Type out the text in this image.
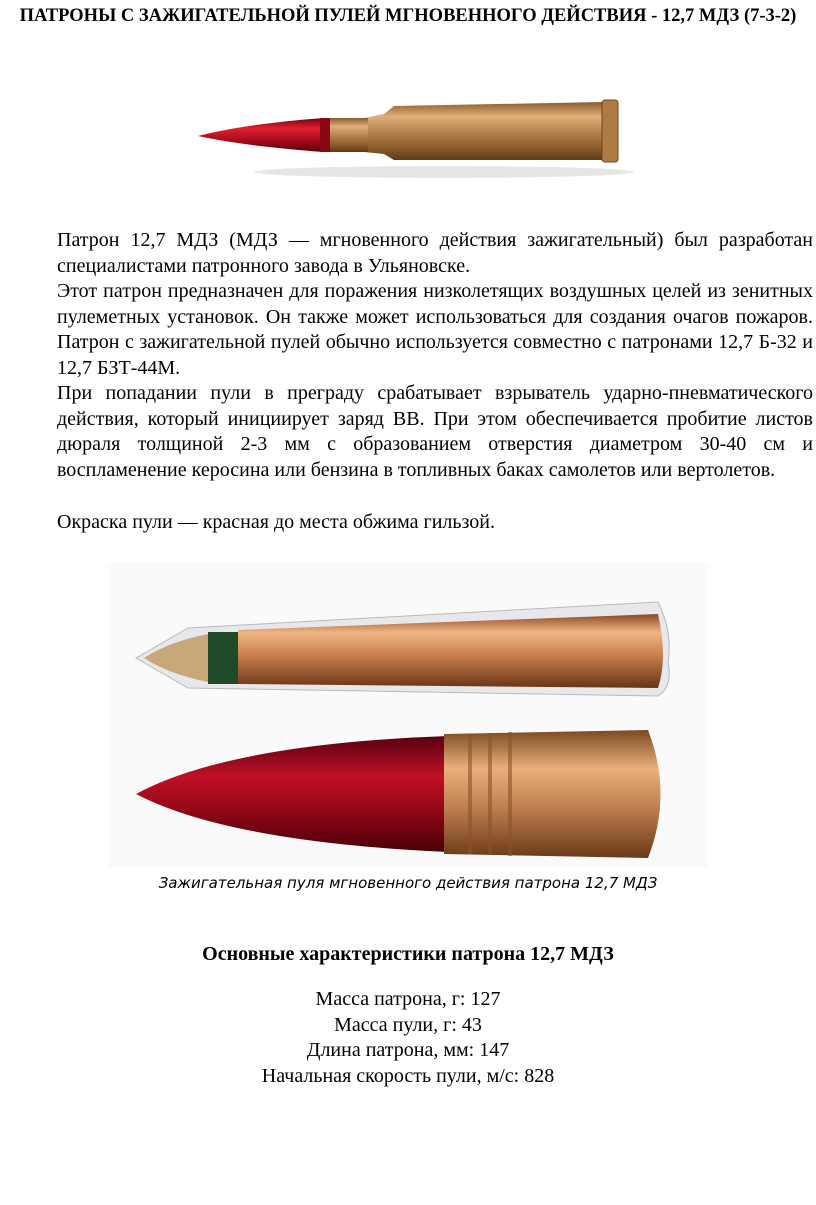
ПАТРОНЫ С ЗАЖИГАТЕЛЬНОЙ ПУЛЕЙ МГНОВЕННОГО ДЕЙСТВИЯ - 12,7 МДЗ (7-3-2)
Патрон 12,7 МДЗ (МДЗ — мгновенного действия зажигательный) был разработан специалистами патронного завода в Ульяновске.
Этот патрон предназначен для поражения низколетящих воздушных целей из зенитных пулеметных установок. Он также может использоваться для создания очагов пожаров. Патрон с зажигательной пулей обычно используется совместно с патронами 12,7 Б-32 и 12,7 БЗТ-44М.
При попадании пули в преграду срабатывает взрыватель ударно-пневматического действия, который инициирует заряд ВВ. При этом обеспечивается пробитие листов дюраля толщиной 2-3 мм с образованием отверстия диаметром 30-40 см и воспламенение керосина или бензина в топливных баках самолетов или вертолетов.
Окраска пули — красная до места обжима гильзой.
Зажигательная пуля мгновенного действия патрона 12,7 МДЗ
Основные характеристики патрона 12,7 МДЗ
Масса патрона, г: 127
Масса пули, г: 43
Длина патрона, мм: 147
Начальная скорость пули, м/с: 828
